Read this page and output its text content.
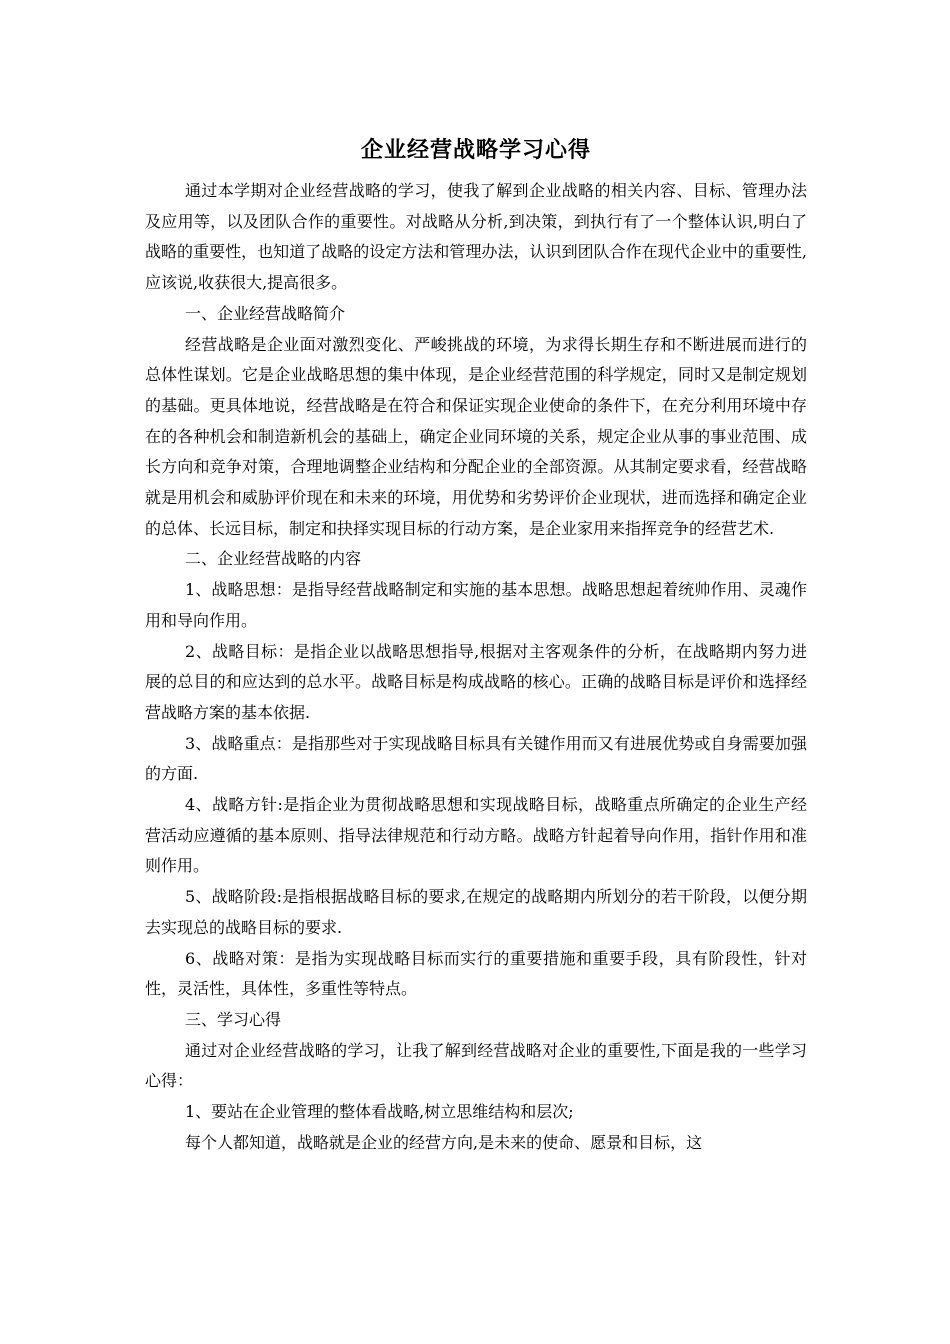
企业经营战略学习心得

通过本学期对企业经营战略的学习，使我了解到企业战略的相关内容、目标、管理办法及应用等，以及团队合作的重要性。对战略从分析,到决策，到执行有了一个整体认识,明白了战略的重要性，也知道了战略的设定方法和管理办法，认识到团队合作在现代企业中的重要性,应该说,收获很大,提高很多。

一、企业经营战略简介

经营战略是企业面对激烈变化、严峻挑战的环境，为求得长期生存和不断进展而进行的总体性谋划。它是企业战略思想的集中体现，是企业经营范围的科学规定，同时又是制定规划的基础。更具体地说，经营战略是在符合和保证实现企业使命的条件下，在充分利用环境中存在的各种机会和制造新机会的基础上，确定企业同环境的关系，规定企业从事的事业范围、成长方向和竞争对策，合理地调整企业结构和分配企业的全部资源。从其制定要求看，经营战略就是用机会和威胁评价现在和未来的环境，用优势和劣势评价企业现状，进而选择和确定企业的总体、长远目标，制定和抉择实现目标的行动方案，是企业家用来指挥竞争的经营艺术.

二、企业经营战略的内容

1、战略思想：是指导经营战略制定和实施的基本思想。战略思想起着统帅作用、灵魂作用和导向作用。

2、战略目标：是指企业以战略思想指导,根据对主客观条件的分析，在战略期内努力进展的总目的和应达到的总水平。战略目标是构成战略的核心。正确的战略目标是评价和选择经营战略方案的基本依据.

3、战略重点：是指那些对于实现战略目标具有关键作用而又有进展优势或自身需要加强的方面.

4、战略方针:是指企业为贯彻战略思想和实现战略目标，战略重点所确定的企业生产经营活动应遵循的基本原则、指导法律规范和行动方略。战略方针起着导向作用，指针作用和准则作用。

5、战略阶段:是指根据战略目标的要求,在规定的战略期内所划分的若干阶段，以便分期去实现总的战略目标的要求.

6、战略对策：是指为实现战略目标而实行的重要措施和重要手段，具有阶段性，针对性，灵活性，具体性，多重性等特点。

三、学习心得

通过对企业经营战略的学习，让我了解到经营战略对企业的重要性,下面是我的一些学习心得：

1、要站在企业管理的整体看战略,树立思维结构和层次;

每个人都知道，战略就是企业的经营方向,是未来的使命、愿景和目标，这
